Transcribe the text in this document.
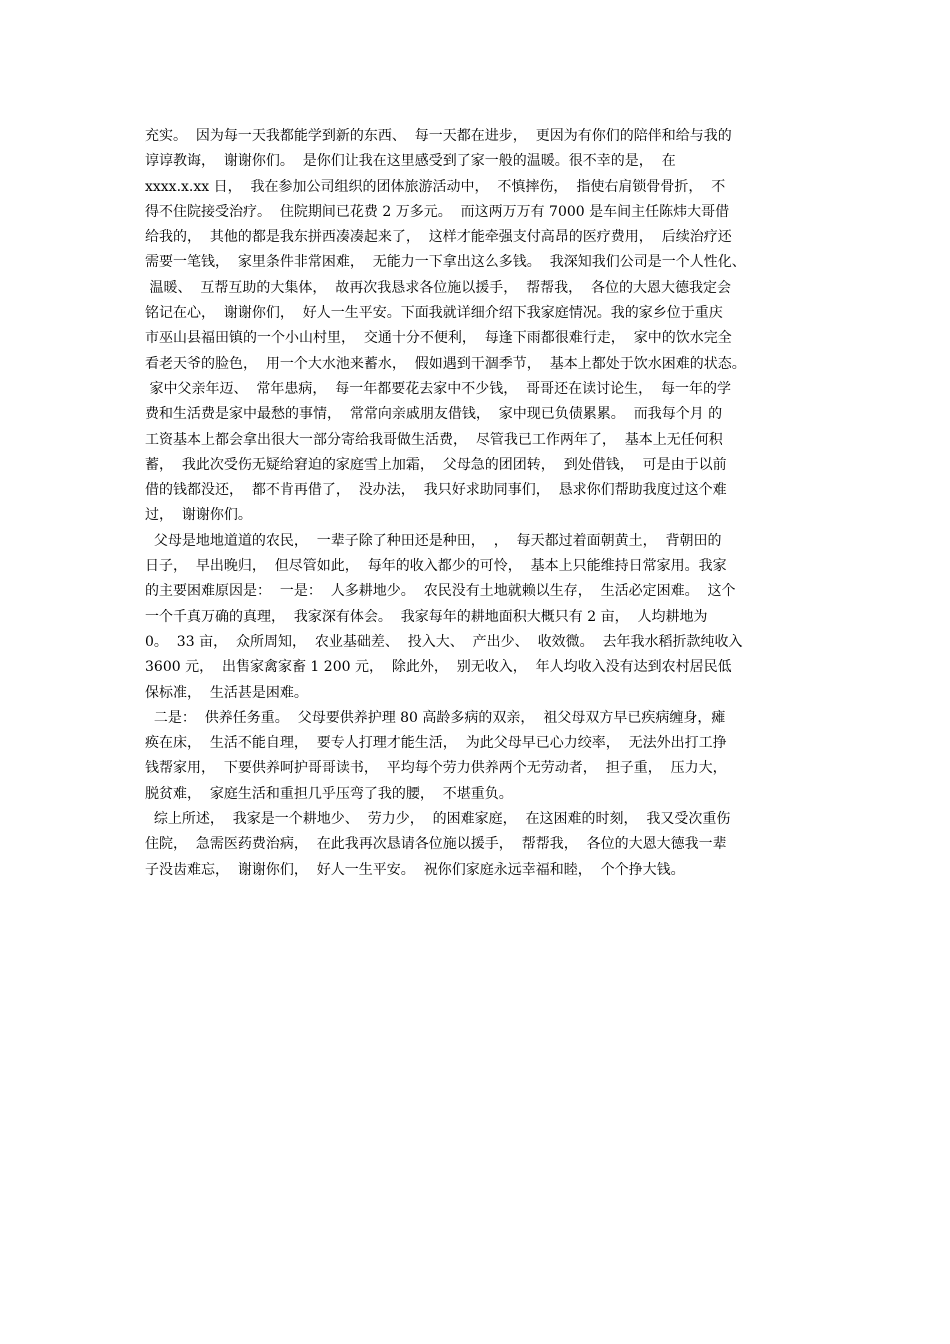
充实。  因为每一天我都能学到新的东西、  每一天都在进步，  更因为有你们的陪伴和给与我的
谆谆教诲，  谢谢你们。  是你们让我在这里感受到了家一般的温暖。很不幸的是，  在
xxxx.x.xx 日，  我在参加公司组织的团体旅游活动中，  不慎摔伤，  指使右肩锁骨骨折，  不
得不住院接受治疗。  住院期间已花费 2 万多元。  而这两万万有 7000 是车间主任陈炜大哥借
给我的，  其他的都是我东拼西凑凑起来了，  这样才能牵强支付高昂的医疗费用，  后续治疗还
需要一笔钱，  家里条件非常困难，  无能力一下拿出这么多钱。  我深知我们公司是一个人性化、
温暖、  互帮互助的大集体，  故再次我恳求各位施以援手，  帮帮我，  各位的大恩大德我定会
铭记在心，  谢谢你们，  好人一生平安。下面我就详细介绍下我家庭情况。我的家乡位于重庆
市巫山县福田镇的一个小山村里，  交通十分不便利，  每逢下雨都很难行走，  家中的饮水完全
看老天爷的脸色，  用一个大水池来蓄水，  假如遇到干涸季节，  基本上都处于饮水困难的状态。
家中父亲年迈、  常年患病，  每一年都要花去家中不少钱，  哥哥还在读讨论生，  每一年的学
费和生活费是家中最愁的事情，  常常向亲戚朋友借钱，  家中现已负债累累。  而我每个月 的
工资基本上都会拿出很大一部分寄给我哥做生活费，  尽管我已工作两年了，  基本上无任何积
蓄，  我此次受伤无疑给窘迫的家庭雪上加霜，  父母急的团团转，  到处借钱，  可是由于以前
借的钱都没还，  都不肯再借了，  没办法，  我只好求助同事们，  恳求你们帮助我度过这个难
过，  谢谢你们。
父母是地地道道的农民，  一辈子除了种田还是种田，  ，  每天都过着面朝黄土，  背朝田的
日子，  早出晚归，  但尽管如此，  每年的收入都少的可怜，  基本上只能维持日常家用。我家
的主要困难原因是：  一是：  人多耕地少。  农民没有土地就赖以生存，  生活必定困难。  这个
一个千真万确的真理，  我家深有体会。  我家每年的耕地面积大概只有 2 亩，  人均耕地为
0。  33 亩，  众所周知，  农业基础差、  投入大、  产出少、  收效微。  去年我水稻折款纯收入
3600 元，  出售家禽家畜 1 200 元，  除此外，  别无收入，  年人均收入没有达到农村居民低
保标准，  生活甚是困难。
二是：  供养任务重。  父母要供养护理 80 高龄多病的双亲，  祖父母双方早已疾病缠身，瘫
痪在床，  生活不能自理，  要专人打理才能生活，  为此父母早已心力绞率，  无法外出打工挣
钱帮家用，  下要供养呵护哥哥读书，  平均每个劳力供养两个无劳动者，  担子重，  压力大，
脱贫难，  家庭生活和重担几乎压弯了我的腰，  不堪重负。
综上所述，  我家是一个耕地少、  劳力少，  的困难家庭，  在这困难的时刻，  我又受次重伤
住院，  急需医药费治病，  在此我再次恳请各位施以援手，  帮帮我，  各位的大恩大德我一辈
子没齿难忘，  谢谢你们，  好人一生平安。  祝你们家庭永远幸福和睦，  个个挣大钱。
